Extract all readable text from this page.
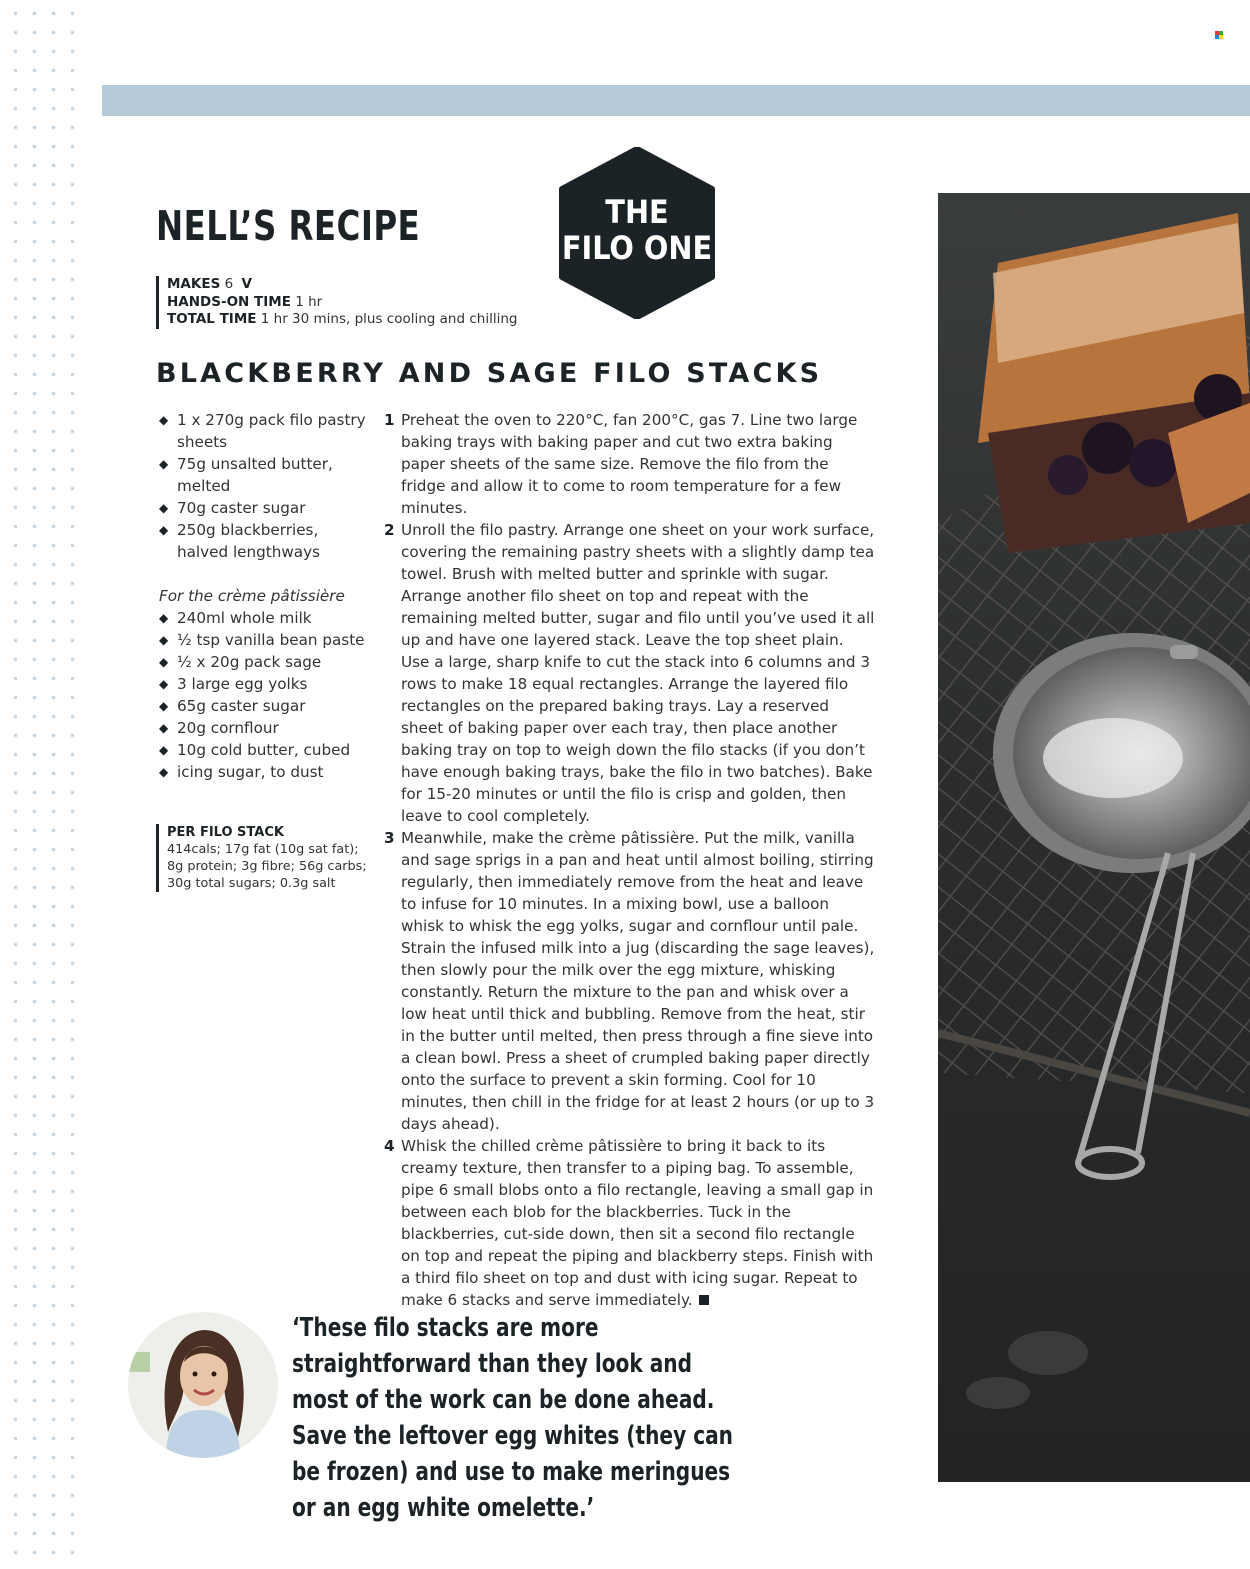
NELL’S RECIPE	THE
FILO ONE
MAKES 6 V
HANDS-ON TIME 1 hr
TOTAL TIME 1 hr 30 mins, plus cooling and chilling
BLACKBERRY AND SAGE FILO STACKS
◆ 1 x 270g pack filo pastry sheets
◆ 75g unsalted butter, melted
◆ 70g caster sugar
◆ 250g blackberries, halved lengthways
For the crème pâtissière
◆ 240ml whole milk
◆ ½ tsp vanilla bean paste
◆ ½ x 20g pack sage
◆ 3 large egg yolks
◆ 65g caster sugar
◆ 20g cornflour
◆ 10g cold butter, cubed
◆ icing sugar, to dust
PER FILO STACK
414cals; 17g fat (10g sat fat); 8g protein; 3g fibre; 56g carbs; 30g total sugars; 0.3g salt
1 Preheat the oven to 220°C, fan 200°C, gas 7. Line two large baking trays with baking paper and cut two extra baking paper sheets of the same size. Remove the filo from the fridge and allow it to come to room temperature for a few minutes.
2 Unroll the filo pastry. Arrange one sheet on your work surface, covering the remaining pastry sheets with a slightly damp tea towel. Brush with melted butter and sprinkle with sugar. Arrange another filo sheet on top and repeat with the remaining melted butter, sugar and filo until you’ve used it all up and have one layered stack. Leave the top sheet plain. Use a large, sharp knife to cut the stack into 6 columns and 3 rows to make 18 equal rectangles. Arrange the layered filo rectangles on the prepared baking trays. Lay a reserved sheet of baking paper over each tray, then place another baking tray on top to weigh down the filo stacks (if you don’t have enough baking trays, bake the filo in two batches). Bake for 15-20 minutes or until the filo is crisp and golden, then leave to cool completely.
3 Meanwhile, make the crème pâtissière. Put the milk, vanilla and sage sprigs in a pan and heat until almost boiling, stirring regularly, then immediately remove from the heat and leave to infuse for 10 minutes. In a mixing bowl, use a balloon whisk to whisk the egg yolks, sugar and cornflour until pale. Strain the infused milk into a jug (discarding the sage leaves), then slowly pour the milk over the egg mixture, whisking constantly. Return the mixture to the pan and whisk over a low heat until thick and bubbling. Remove from the heat, stir in the butter until melted, then press through a fine sieve into a clean bowl. Press a sheet of crumpled baking paper directly onto the surface to prevent a skin forming. Cool for 10 minutes, then chill in the fridge for at least 2 hours (or up to 3 days ahead).
4 Whisk the chilled crème pâtissière to bring it back to its creamy texture, then transfer to a piping bag. To assemble, pipe 6 small blobs onto a filo rectangle, leaving a small gap in between each blob for the blackberries. Tuck in the blackberries, cut-side down, then sit a second filo rectangle on top and repeat the piping and blackberry steps. Finish with a third filo sheet on top and dust with icing sugar. Repeat to make 6 stacks and serve immediately.
‘These filo stacks are more straightforward than they look and most of the work can be done ahead. Save the leftover egg whites (they can be frozen) and use to make meringues or an egg white omelette.’
